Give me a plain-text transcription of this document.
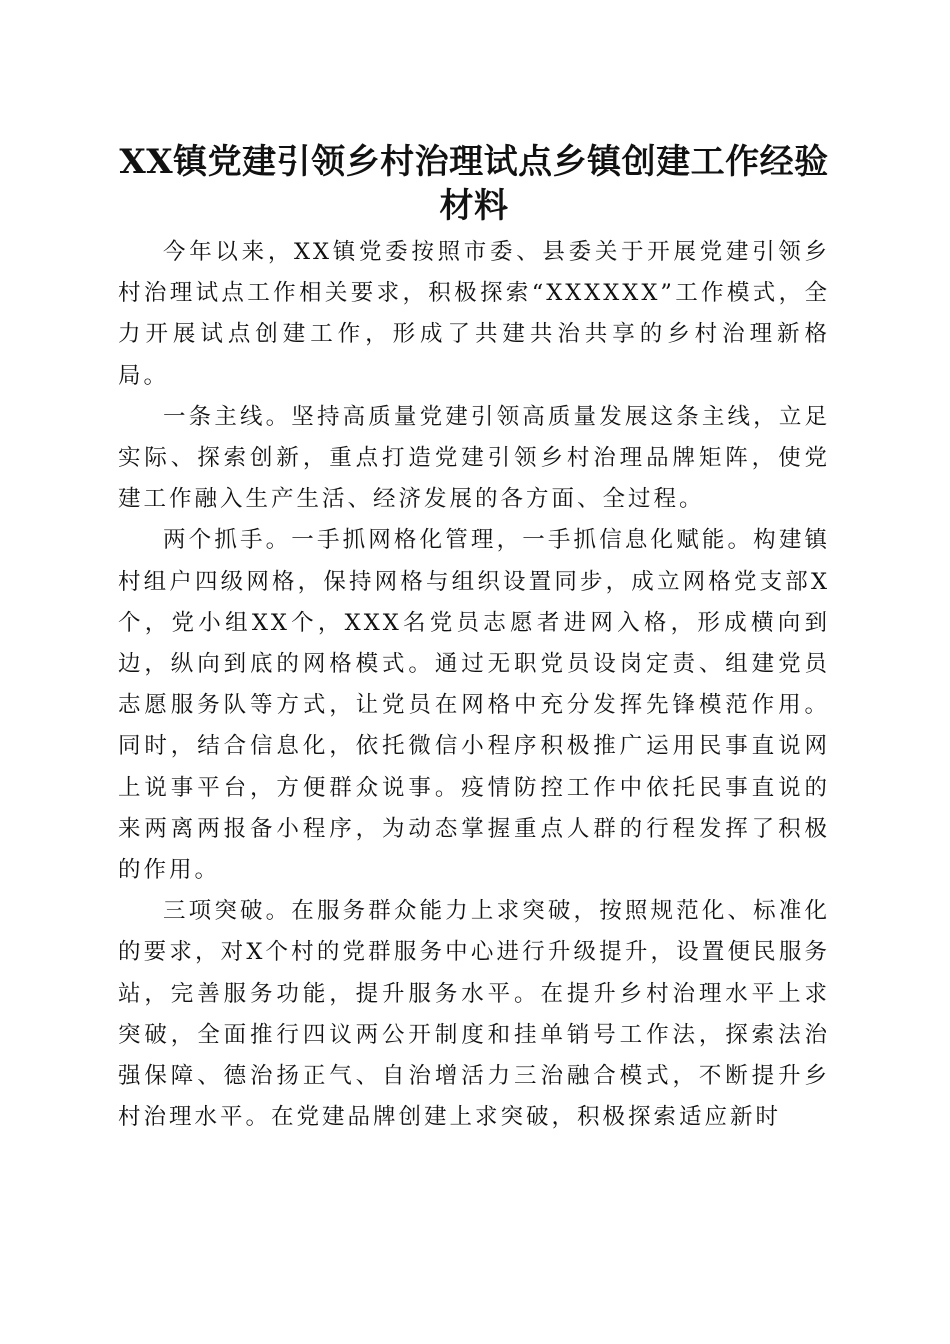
XX镇党建引领乡村治理试点乡镇创建工作经验材料

今年以来，XX镇党委按照市委、县委关于开展党建引领乡村治理试点工作相关要求，积极探索“XXXXXX”工作模式，全力开展试点创建工作，形成了共建共治共享的乡村治理新格局。

一条主线。坚持高质量党建引领高质量发展这条主线，立足实际、探索创新，重点打造党建引领乡村治理品牌矩阵，使党建工作融入生产生活、经济发展的各方面、全过程。

两个抓手。一手抓网格化管理，一手抓信息化赋能。构建镇村组户四级网格，保持网格与组织设置同步，成立网格党支部X个，党小组XX个，XXX名党员志愿者进网入格，形成横向到边，纵向到底的网格模式。通过无职党员设岗定责、组建党员志愿服务队等方式，让党员在网格中充分发挥先锋模范作用。同时，结合信息化，依托微信小程序积极推广运用民事直说网上说事平台，方便群众说事。疫情防控工作中依托民事直说的来两离两报备小程序，为动态掌握重点人群的行程发挥了积极的作用。

三项突破。在服务群众能力上求突破，按照规范化、标准化的要求，对X个村的党群服务中心进行升级提升，设置便民服务站，完善服务功能，提升服务水平。在提升乡村治理水平上求突破，全面推行四议两公开制度和挂单销号工作法，探索法治强保障、德治扬正气、自治增活力三治融合模式，不断提升乡村治理水平。在党建品牌创建上求突破，积极探索适应新时
